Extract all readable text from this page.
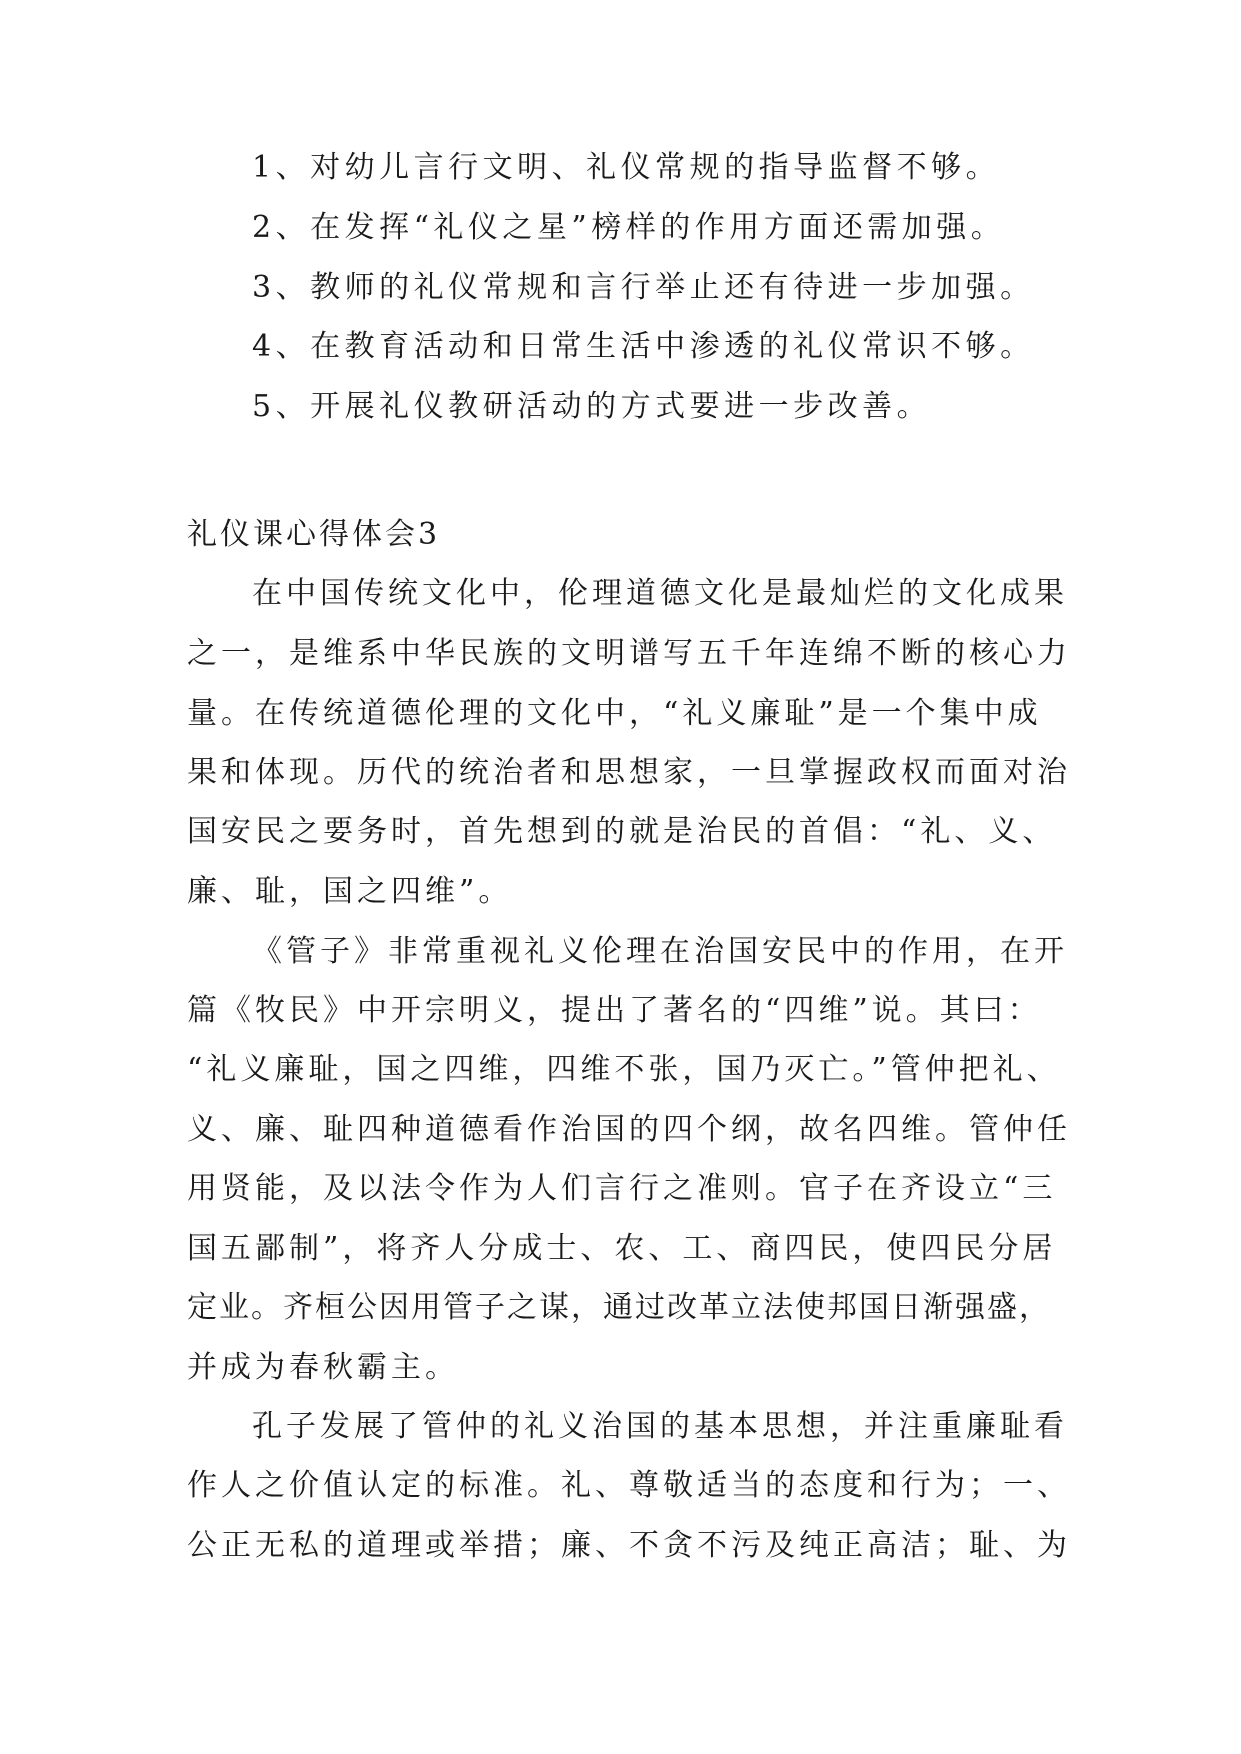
1、对幼儿言行文明、礼仪常规的指导监督不够。
2、在发挥“礼仪之星”榜样的作用方面还需加强。
3、教师的礼仪常规和言行举止还有待进一步加强。
4、在教育活动和日常生活中渗透的礼仪常识不够。
5、开展礼仪教研活动的方式要进一步改善。
礼仪课心得体会3
在中国传统文化中，伦理道德文化是最灿烂的文化成果
之一，是维系中华民族的文明谱写五千年连绵不断的核心力
量。在传统道德伦理的文化中，“礼义廉耻”是一个集中成
果和体现。历代的统治者和思想家，一旦掌握政权而面对治
国安民之要务时，首先想到的就是治民的首倡：“礼、义、
廉、耻，国之四维”。
《管子》非常重视礼义伦理在治国安民中的作用，在开
篇《牧民》中开宗明义，提出了著名的“四维”说。其曰：
“礼义廉耻，国之四维，四维不张，国乃灭亡。”管仲把礼、
义、廉、耻四种道德看作治国的四个纲，故名四维。管仲任
用贤能，及以法令作为人们言行之准则。官子在齐设立“三
国五鄙制”，将齐人分成士、农、工、商四民，使四民分居
定业。齐桓公因用管子之谋，通过改革立法使邦国日渐强盛，
并成为春秋霸主。
孔子发展了管仲的礼义治国的基本思想，并注重廉耻看
作人之价值认定的标准。礼、尊敬适当的态度和行为；一、
公正无私的道理或举措；廉、不贪不污及纯正高洁；耻、为
